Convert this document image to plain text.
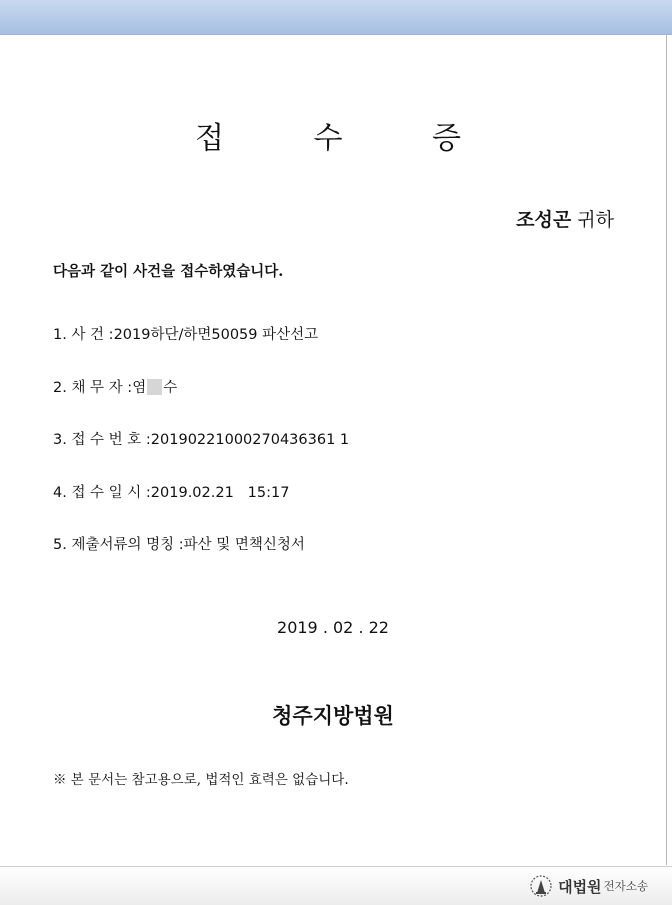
접 수 증
조성곤 귀하
다음과 같이 사건을 접수하였습니다.
1. 사 건 :2019하단/하면50059 파산선고
2. 채 무 자 :염 수
3. 접 수 번 호 :20190221000270436361 1
4. 접 수 일 시 :2019.02.21   15:17
5. 제출서류의 명칭 :파산 및 면책신청서
2019 . 02 . 22
청주지방법원
※ 본 문서는 참고용으로, 법적인 효력은 없습니다.
대법원 전자소송
